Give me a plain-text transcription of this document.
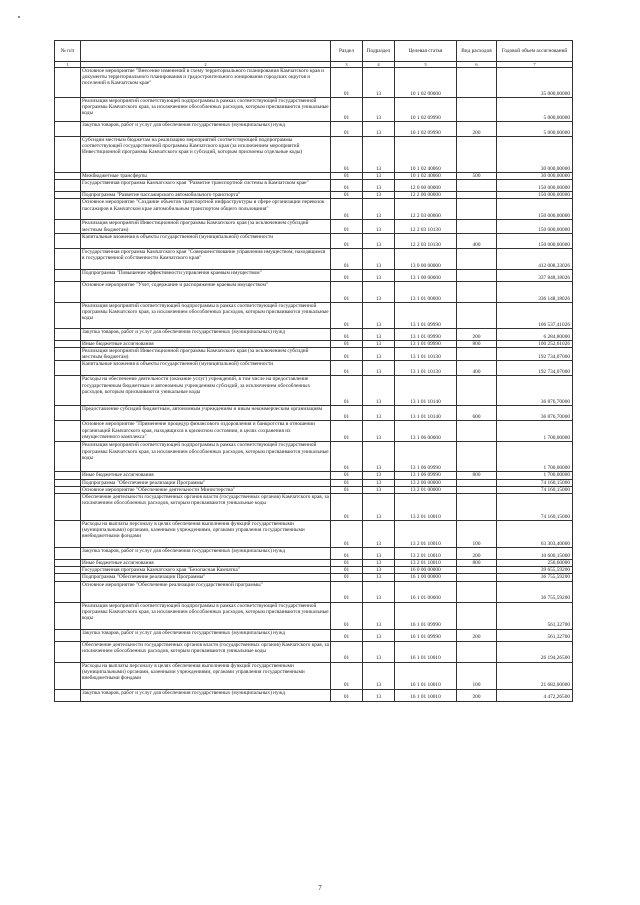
№ п/п		Раздел	Подраздел	Целевая статья	Вид расходов	Годовой объем ассигнований
1	2	3	4	5	6	7
	Основное мероприятие "Внесение изменений в схему территориального планирования Камчатского края и документы территориального планирования и градостроительного зонирования городских округов и поселений в Камчатском крае"	01	13	10 1 02 00000		35 000,00000
	Реализация мероприятий соответствующей подпрограммы в рамках соответствующей государственной программы Камчатского края, за исключением обособленных расходов, которым присваиваются уникальные коды	01	13	10 1 02 09990		5 000,00000
	Закупка товаров, работ и услуг для обеспечения государственных (муниципальных) нужд	01	13	10 1 02 09990	200	5 000,00000
	Субсидии местным бюджетам на реализацию мероприятий соответствующей подпрограммы соответствующей государственной программы Камчатского края (за исключением мероприятий Инвестиционной программы Камчатского края и субсидий, которым присвоены отдельные коды)	01	13	10 1 02 40060		30 000,00000
	Межбюджетные трансферты	01	13	10 1 02 40060	500	30 000,00000
	Государственная программа Камчатского края "Развитие транспортной системы в Камчатском крае"	01	13	12 0 00 00000		150 000,00000
	Подпрограмма "Развитие пассажирского автомобильного транспорта"	01	13	12 2 00 00000		150 000,00000
	Основное мероприятие "Создание объектов транспортной инфраструктуры в сфере организации перевозок пассажиров в Камчатском крае автомобильным транспортом общего пользования"	01	13	12 2 03 00000		150 000,00000
	Реализация мероприятий Инвестиционной программы Камчатского края (за исключением субсидий местным бюджетам)	01	13	12 2 03 10130		150 000,00000
	Капитальные вложения в объекты государственной (муниципальной) собственности	01	13	12 2 03 10130	400	150 000,00000
	Государственная программа Камчатского края "Совершенствование управления имуществом, находящимся в государственной собственности Камчатского края"	01	13	13 0 00 00000		412 008,33026
	Подпрограмма "Повышение эффективности управления краевым имуществом"	01	13	13 1 00 00000		337 848,18026
	Основное мероприятие "Учет, содержание и распоряжение краевым имуществом"	01	13	13 1 01 00000		336 148,18026
	Реализация мероприятий соответствующей подпрограммы в рамках соответствующей государственной программы Камчатского края, за исключением обособленных расходов, которым присваиваются уникальные коды	01	13	13 1 01 09990		106 537,41026
	Закупка товаров, работ и услуг для обеспечения государственных (муниципальных) нужд	01	13	13 1 01 09990	200	6 284,80000
	Иные бюджетные ассигнования	01	13	13 1 01 09990	800	100 252,61026
	Реализация мероприятий Инвестиционной программы Камчатского края (за исключением субсидий местным бюджетам)	01	13	13 1 01 10130		192 734,07000
	Капитальные вложения в объекты государственной (муниципальной) собственности	01	13	13 1 01 10130	400	192 734,07000
	Расходы на обеспечение деятельности (оказание услуг) учреждений, в том числе на предоставление государственным бюджетным и автономным учреждениям субсидий, за исключением обособленных расходов, которым присваиваются уникальные коды	01	13	13 1 01 10140		36 876,70000
	Предоставление субсидий бюджетным, автономным учреждениям и иным некоммерческим организациям	01	13	13 1 01 10140	600	36 876,70000
	Основное мероприятие "Применение процедур финансового оздоровления и банкротства в отношении организаций Камчатского края, находящихся в кризисном состоянии, в целях сохранения их имущественного комплекса"	01	13	13 1 06 00000		1 700,00000
	Реализация мероприятий соответствующей подпрограммы в рамках соответствующей государственной программы Камчатского края, за исключением обособленных расходов, которым присваиваются уникальные коды	01	13	13 1 06 09990		1 700,00000
	Иные бюджетные ассигнования	01	13	13 1 06 09990	800	1 700,00000
	Подпрограмма "Обеспечение реализации Программы"	01	13	13 2 00 00000		74 160,15000
	Основное мероприятие "Обеспечение деятельности Министерства"	01	13	13 2 01 00000		74 160,15000
	Обеспечение деятельности государственных органов власти (государственных органов) Камчатского края, за исключением обособленных расходов, которым присваиваются уникальные коды	01	13	13 2 01 10010		74 160,15000
	Расходы на выплаты персоналу в целях обеспечения выполнения функций государственными (муниципальными) органами, казенными учреждениями, органами управления государственными внебюджетными фондами	01	13	13 2 01 10010	100	63 303,40000
	Закупка товаров, работ и услуг для обеспечения государственных (муниципальных) нужд	01	13	13 2 01 10010	200	10 600,15000
	Иные бюджетные ассигнования	01	13	13 2 01 10010	800	256,60000
	Государственная программа Камчатского края "Безопасная Камчатка"	01	13	16 0 00 00000		39 655,59200
	Подпрограмма "Обеспечение реализации Программы"	01	13	16 1 00 00000		36 755,59200
	Основное мероприятие "Обеспечение реализации государственной программы"	01	13	16 1 01 00000		36 755,59200
	Реализация мероприятий соответствующей подпрограммы в рамках соответствующей государственной программы Камчатского края, за исключением обособленных расходов, которым присваиваются уникальные коды	01	13	16 1 01 09990		561,32700
	Закупка товаров, работ и услуг для обеспечения государственных (муниципальных) нужд	01	13	16 1 01 09990	200	561,32700
	Обеспечение деятельности государственных органов власти (государственных органов) Камчатского края, за исключением обособленных расходов, которым присваиваются уникальные коды	01	13	16 1 01 10010		26 194,26500
	Расходы на выплаты персоналу в целях обеспечения выполнения функций государственными (муниципальными) органами, казенными учреждениями, органами управления государственными внебюджетными фондами	01	13	16 1 01 10010	100	21 682,00000
	Закупка товаров, работ и услуг для обеспечения государственных (муниципальных) нужд	01	13	16 1 01 10010	200	4 472,26500
7
